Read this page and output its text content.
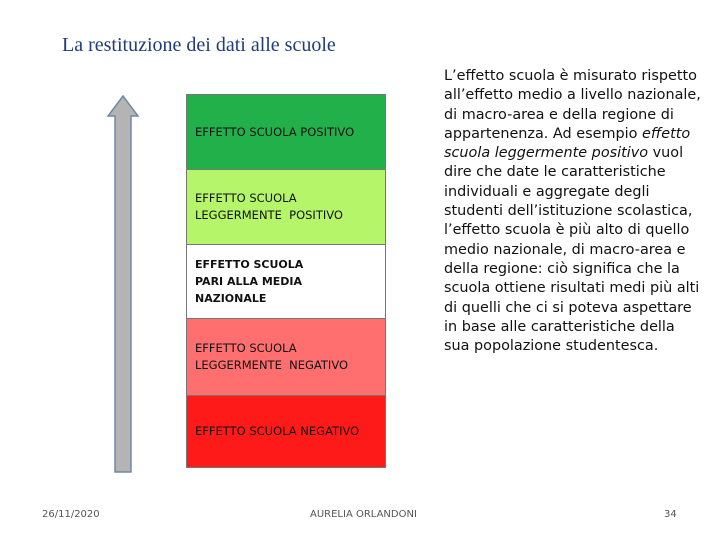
La restituzione dei dati alle scuole
EFFETTO SCUOLA POSITIVO
EFFETTO SCUOLA
LEGGERMENTE  POSITIVO
EFFETTO SCUOLA
PARI ALLA MEDIA
NAZIONALE
EFFETTO SCUOLA
LEGGERMENTE  NEGATIVO
EFFETTO SCUOLA NEGATIVO
L’effetto scuola è misurato rispetto all’effetto medio a livello nazionale, di macro-area e della regione di appartenenza. Ad esempio effetto scuola leggermente positivo vuol dire che date le caratteristiche individuali e aggregate degli studenti dell’istituzione scolastica, l’effetto scuola è più alto di quello medio nazionale, di macro-area e della regione: ciò significa che la scuola ottiene risultati medi più alti di quelli che ci si poteva aspettare in base alle caratteristiche della sua popolazione studentesca.
26/11/2020	AURELIA ORLANDONI	34
